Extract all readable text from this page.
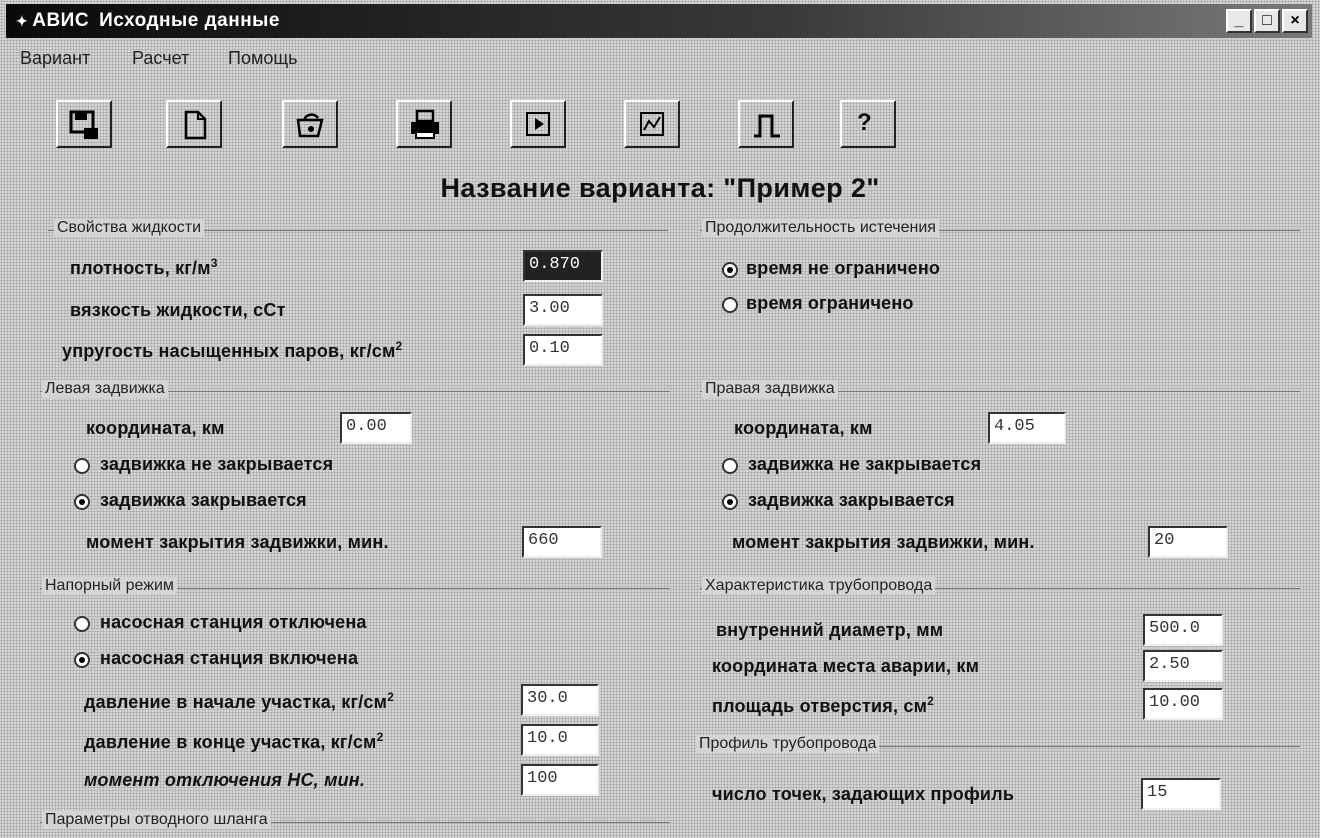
✦ АВИС Исходные данные	_	□	×
Вариант Расчет Помощь
?
Название варианта: "Пример 2"
Свойства жидкости
плотность, $кг/м^3$	0.870
вязкость жидкости, сСт	3.00
упругость насыщенных паров, $кг/см^2$	0.10
Продолжительность истечения
время не ограничено
время ограничено
Левая задвижка
координата, км	0.00
задвижка не закрывается
задвижка закрывается
момент закрытия задвижки, мин.	660
Правая задвижка
координата, км	4.05
задвижка не закрывается
задвижка закрывается
момент закрытия задвижки, мин.	20
Напорный режим
насосная станция отключена
насосная станция включена
давление в начале участка, $кг/см^2$	30.0
давление в конце участка, $кг/см^2$	10.0
момент отключения НС, мин.	100
Характеристика трубопровода
внутренний диаметр, мм	500.0
координата места аварии, км	2.50
площадь отверстия, $см^2$	10.00
Профиль трубопровода
число точек, задающих профиль	15
Параметры отводного шланга
